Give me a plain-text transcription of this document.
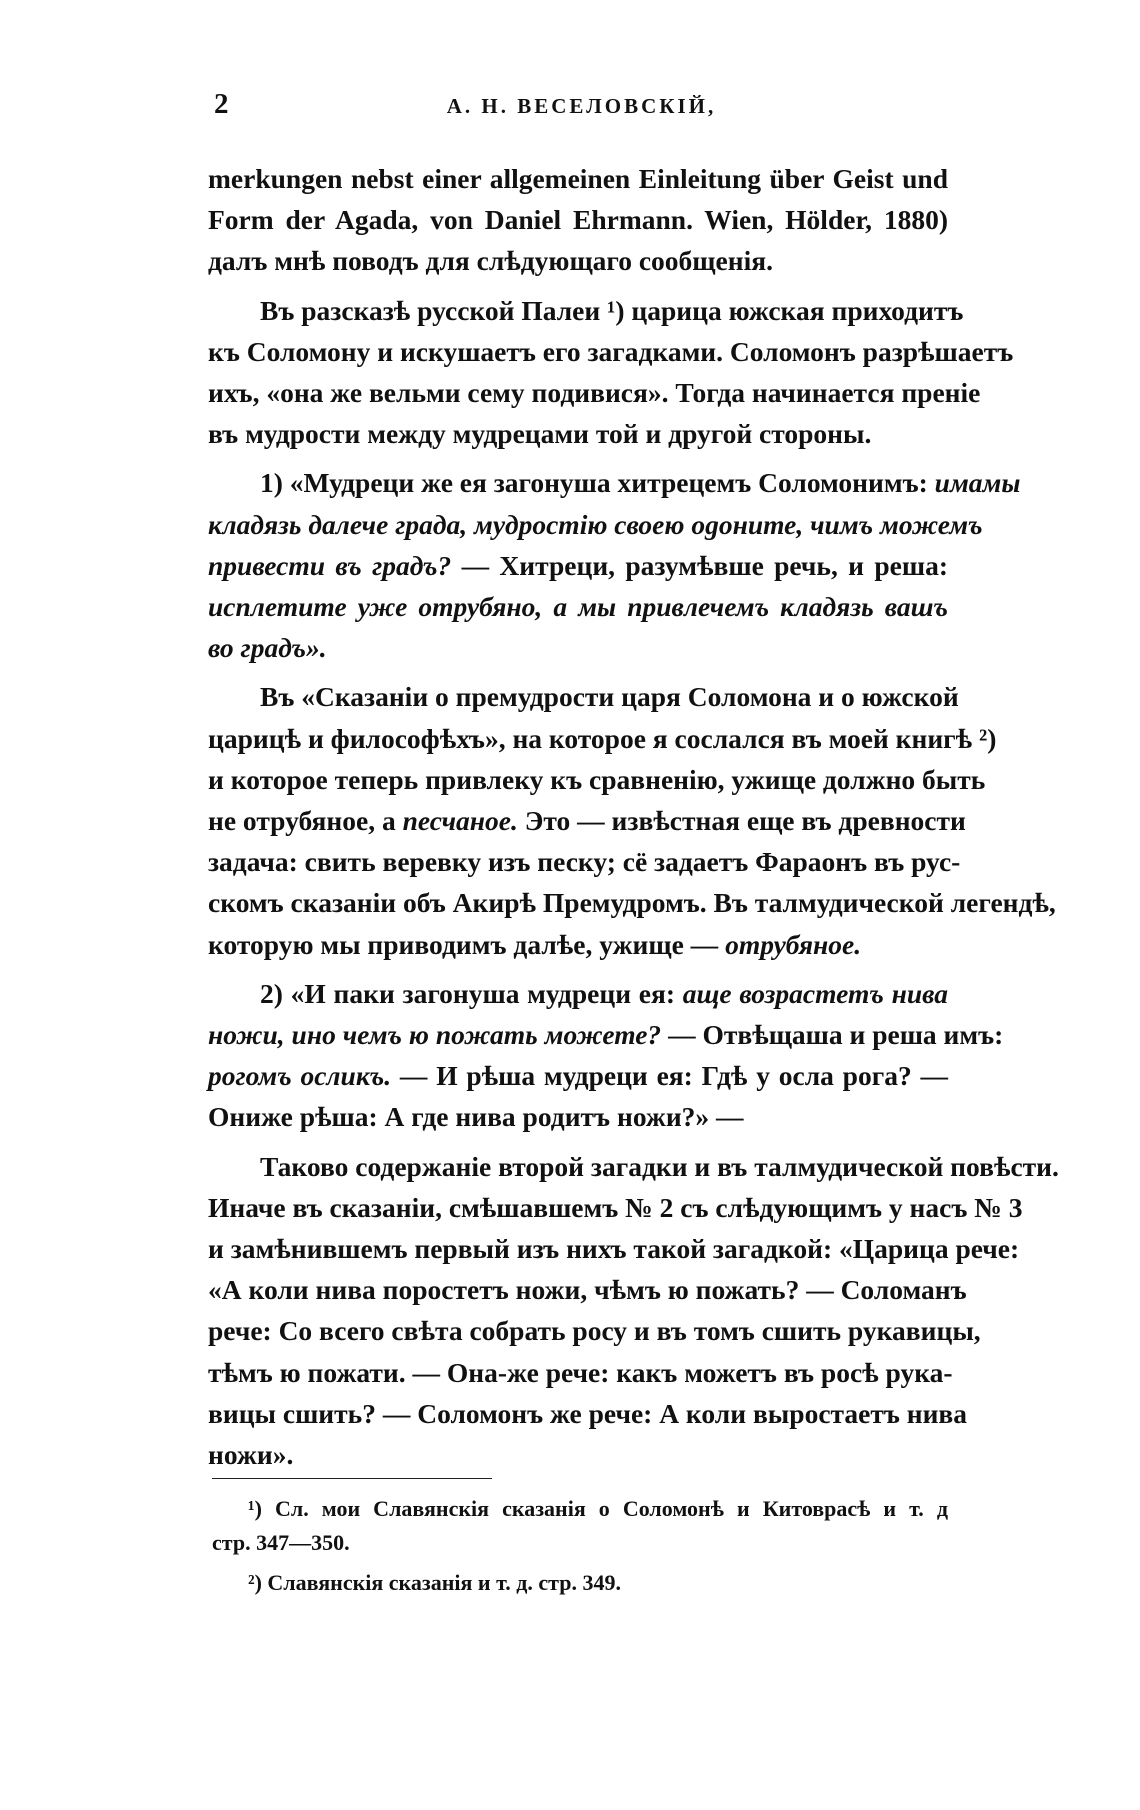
2	А. Н. ВЕСЕЛОВСКІЙ,

merkungen nebst einer allgemeinen Einleitung über Geist und
Form der Agada, von Daniel Ehrmann. Wien, Hölder, 1880)
далъ мнѣ поводъ для слѣдующаго сообщенія.

Въ разсказѣ русской Палеи ¹) царица южская приходитъ
къ Соломону и искушаетъ его загадками. Соломонъ разрѣшаетъ
ихъ, «она же вельми сему подивися». Тогда начинается преніе
въ мудрости между мудрецами той и другой стороны.

1) «Мудреци же ея загонуша хитрецемъ Соломонимъ: имамы
кладязь далече града, мудростію своею ogоните, чимъ можемъ
привести въ градъ? — Хитреци, разумѣвше речь, и реша:
исплетите уже отрубяно, а мы привлечемъ кладязь вашъ
во градъ».

Въ «Сказаніи о премудрости царя Соломона и о южской
царицѣ и философѣхъ», на которое я сослался въ моей книгѣ ²)
и которое теперь привлеку къ сравненію, ужище должно быть
не отрубяное, а песчаное. Это — извѣстная еще въ древности
задача: свить веревку изъ песку; сё задаетъ Фараонъ въ рус-
скомъ сказаніи объ Акирѣ Премудромъ. Въ талмудической легендѣ,
которую мы приводимъ далѣе, ужище — отрубяное.

2) «И паки загонуша мудреци ея: аще возрастетъ нива
ножи, ино чемъ ю пожать можете? — Отвѣщаша и реша имъ:
рогомъ осликъ. — И рѣша мудреци ея: Гдѣ у осла рога? —
Ониже рѣша: А где нива родитъ ножи?» —

Таково содержаніе второй загадки и въ талмудической повѣсти.
Иначе въ сказаніи, смѣшавшемъ № 2 съ слѣдующимъ у насъ № 3
и замѣнившемъ первый изъ нихъ такой загадкой: «Царица рече:
«А коли нива поростетъ ножи, чѣмъ ю пожать? — Соломанъ
рече: Со всего свѣта собрать росу и въ томъ сшить рукавицы,
тѣмъ ю пожати. — Она-же рече: какъ можетъ въ росѣ рука-
вицы сшить? — Соломонъ же рече: А коли выростаетъ нива
ножи».

¹) Сл. мои Славянскія сказанія о Соломонѣ и Китоврасѣ и т. д
стр. 347—350.
²) Славянскія сказанія и т. д. стр. 349.
